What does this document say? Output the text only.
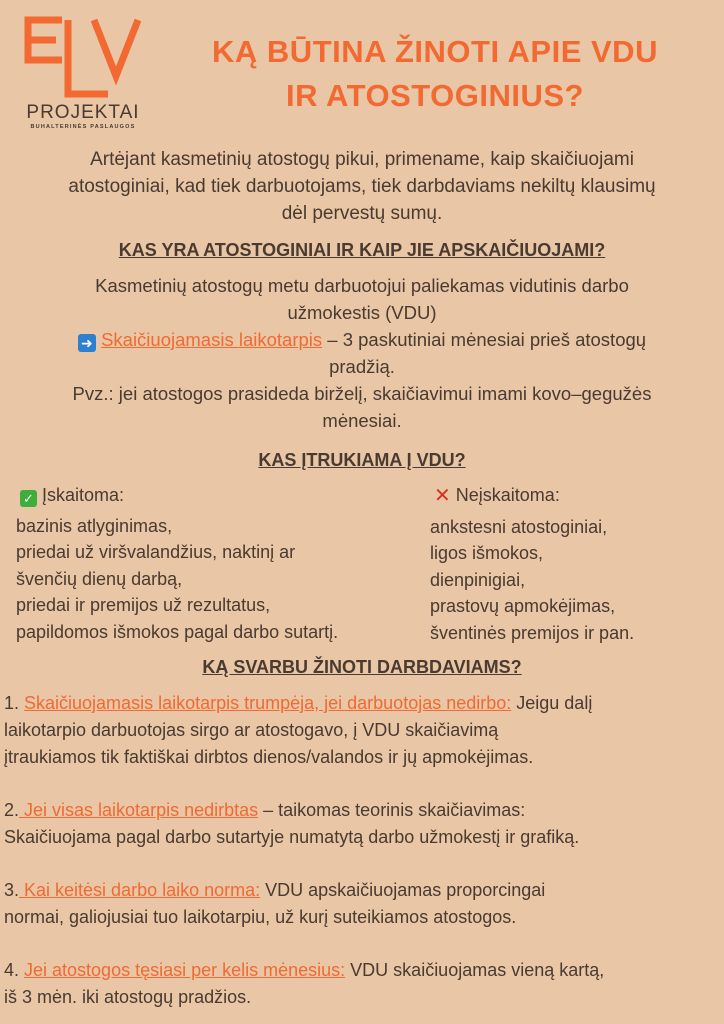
PROJEKTAI
BUHALTERINĖS PASLAUGOS
KĄ BŪTINA ŽINOTI APIE VDU
IR ATOSTOGINIUS?
Artėjant kasmetinių atostogų pikui, primename, kaip skaičiuojami
atostoginiai, kad tiek darbuotojams, tiek darbdaviams nekiltų klausimų
dėl pervestų sumų.
KAS YRA ATOSTOGINIAI IR KAIP JIE APSKAIČIUOJAMI?
Kasmetinių atostogų metu darbuotojui paliekamas vidutinis darbo
užmokestis (VDU)
➜ Skaičiuojamasis laikotarpis – 3 paskutiniai mėnesiai prieš atostogų
pradžią.
Pvz.: jei atostogos prasideda birželį, skaičiavimui imami kovo–gegužės
mėnesiai.
KAS ĮTRUKIAMA Į VDU?
✓ Įskaitoma:
bazinis atlyginimas,
priedai už viršvalandžius, naktinį ar
švenčių dienų darbą,
priedai ir premijos už rezultatus,
papildomos išmokos pagal darbo sutartį.
✕ Neįskaitoma:
ankstesni atostoginiai,
ligos išmokos,
dienpinigiai,
prastovų apmokėjimas,
šventinės premijos ir pan.
KĄ SVARBU ŽINOTI DARBDAVIAMS?
1. Skaičiuojamasis laikotarpis trumpėja, jei darbuotojas nedirbo: Jeigu dalį
laikotarpio darbuotojas sirgo ar atostogavo, į VDU skaičiavimą
įtraukiamos tik faktiškai dirbtos dienos/valandos ir jų apmokėjimas.
2. Jei visas laikotarpis nedirbtas – taikomas teorinis skaičiavimas:
Skaičiuojama pagal darbo sutartyje numatytą darbo užmokestį ir grafiką.
3. Kai keitėsi darbo laiko norma: VDU apskaičiuojamas proporcingai
normai, galiojusiai tuo laikotarpiu, už kurį suteikiamos atostogos.
4. Jei atostogos tęsiasi per kelis mėnesius: VDU skaičiuojamas vieną kartą,
iš 3 mėn. iki atostogų pradžios.
